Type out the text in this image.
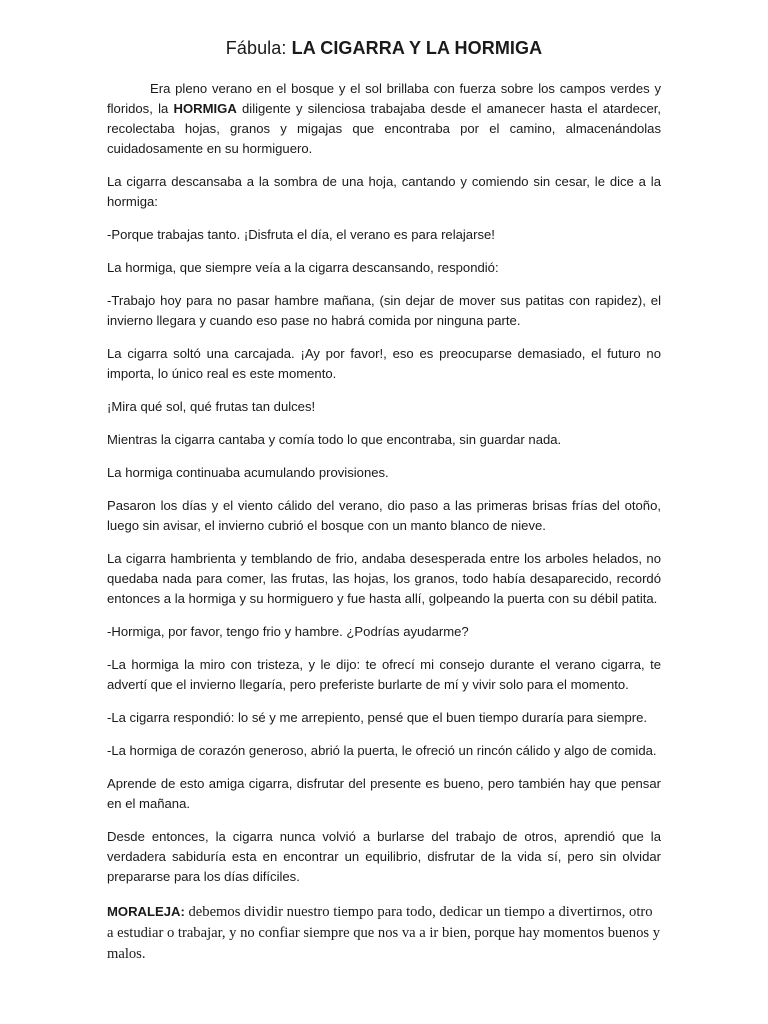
Fábula: LA CIGARRA Y LA HORMIGA

Era pleno verano en el bosque y el sol brillaba con fuerza sobre los campos verdes y floridos, la HORMIGA diligente y silenciosa trabajaba desde el amanecer hasta el atardecer, recolectaba hojas, granos y migajas que encontraba por el camino, almacenándolas cuidadosamente en su hormiguero.

La cigarra descansaba a la sombra de una hoja, cantando y comiendo sin cesar, le dice a la hormiga:

-Porque trabajas tanto. ¡Disfruta el día, el verano es para relajarse!

La hormiga, que siempre veía a la cigarra descansando, respondió:

-Trabajo hoy para no pasar hambre mañana, (sin dejar de mover sus patitas con rapidez), el invierno llegara y cuando eso pase no habrá comida por ninguna parte.

La cigarra soltó una carcajada. ¡Ay por favor!, eso es preocuparse demasiado, el futuro no importa, lo único real es este momento.

¡Mira qué sol, qué frutas tan dulces!

Mientras la cigarra cantaba y comía todo lo que encontraba, sin guardar nada.

La hormiga continuaba acumulando provisiones.

Pasaron los días y el viento cálido del verano, dio paso a las primeras brisas frías del otoño, luego sin avisar, el invierno cubrió el bosque con un manto blanco de nieve.

La cigarra hambrienta y temblando de frio, andaba desesperada entre los arboles helados, no quedaba nada para comer, las frutas, las hojas, los granos, todo había desaparecido, recordó entonces a la hormiga y su hormiguero y fue hasta allí, golpeando la puerta con su débil patita.

-Hormiga, por favor, tengo frio y hambre. ¿Podrías ayudarme?

-La hormiga la miro con tristeza, y le dijo: te ofrecí mi consejo durante el verano cigarra, te advertí que el invierno llegaría, pero preferiste burlarte de mí y vivir solo para el momento.

-La cigarra respondió: lo sé y me arrepiento, pensé que el buen tiempo duraría para siempre.

-La hormiga de corazón generoso, abrió la puerta, le ofreció un rincón cálido y algo de comida.

Aprende de esto amiga cigarra, disfrutar del presente es bueno, pero también hay que pensar en el mañana.

Desde entonces, la cigarra nunca volvió a burlarse del trabajo de otros, aprendió que la verdadera sabiduría esta en encontrar un equilibrio, disfrutar de la vida sí, pero sin olvidar prepararse para los días difíciles.

MORALEJA: debemos dividir nuestro tiempo para todo, dedicar un tiempo a divertirnos, otro a estudiar o trabajar, y no confiar siempre que nos va a ir bien, porque hay momentos buenos y malos.
